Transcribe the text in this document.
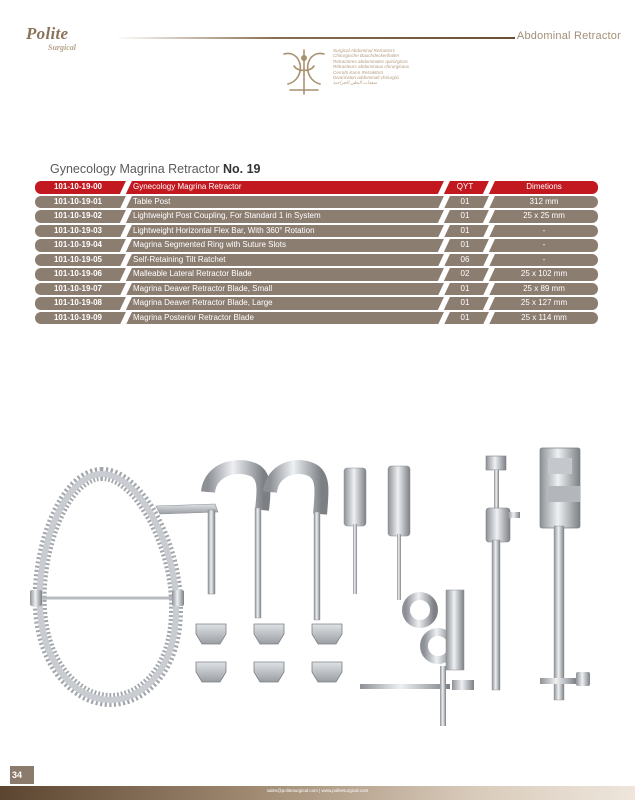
Polite
Surgical
Abdominal Retractor
Surgical Abdominal Retractors
Chirurgische Bauchdeckenhalter
Retractores abdominales quirúrgicos
Rétracteurs abdominaux chirurgicaux
Cerrahi Karın Retraktörü
Divaricatori addominali chirurgici
مبعدات البطن الجراحية
Gynecology Magrina Retractor No. 19
101-10-19-00	Gynecology Magrina Retractor	QYT	Dimetions
101-10-19-01	Table Post	01	312 mm
101-10-19-02	Lightweight Post Coupling, For Standard 1 in System	01	25 x 25 mm
101-10-19-03	Lightweight Horizontal Flex Bar, With 360° Rotation	01	-
101-10-19-04	Magrina Segmented Ring with Suture Slots	01	-
101-10-19-05	Self-Retaining Tilt Ratchet	06	-
101-10-19-06	Malleable Lateral Retractor Blade	02	25 x 102 mm
101-10-19-07	Magrina Deaver Retractor Blade, Small	01	25 x 89 mm
101-10-19-08	Magrina Deaver Retractor Blade, Large	01	25 x 127 mm
101-10-19-09	Magrina Posterior Retractor Blade	01	25 x 114 mm
34
sales@politesurgical.com | www.politesurgical.com
